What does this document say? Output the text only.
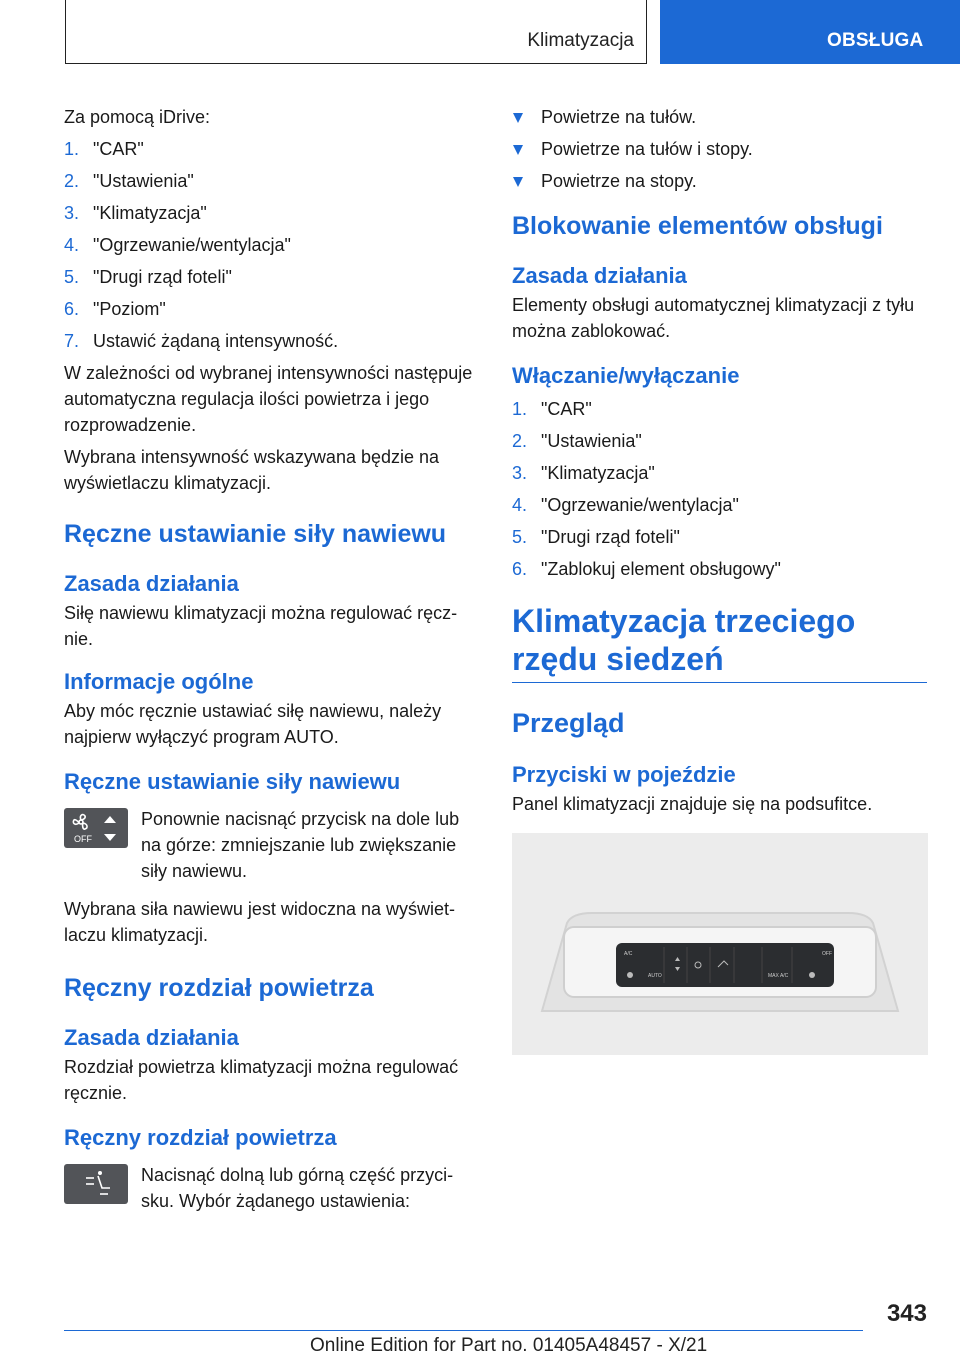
Klimatyzacja	OBSŁUGA

Za pomocą iDrive:

1. "CAR"
2. "Ustawienia"
3. "Klimatyzacja"
4. "Ogrzewanie/wentylacja"
5. "Drugi rząd foteli"
6. "Poziom"
7. Ustawić żądaną intensywność.

W zależności od wybranej intensywności następuje automatyczna regulacja ilości powietrza i jego rozprowadzenie.

Wybrana intensywność wskazywana będzie na wyświetlaczu klimatyzacji.

Ręczne ustawianie siły nawiewu
Zasada działania

Siłę nawiewu klimatyzacji można regulować ręcznie.

Informacje ogólne

Aby móc ręcznie ustawiać siłę nawiewu, należy najpierw wyłączyć program AUTO.

Ręczne ustawianie siły nawiewu
OFF

Ponownie nacisnąć przycisk na dole lub na górze: zmniejszanie lub zwiększanie siły nawiewu.

Wybrana siła nawiewu jest widoczna na wyświetlaczu klimatyzacji.

Ręczny rozdział powietrza
Zasada działania

Rozdział powietrza klimatyzacji można regulować ręcznie.

Ręczny rozdział powietrza

Nacisnąć dolną lub górną część przycisku. Wybór żądanego ustawienia:

Powietrze na tułów.
Powietrze na tułów i stopy.
Powietrze na stopy.
Blokowanie elementów obsługi
Zasada działania

Elementy obsługi automatycznej klimatyzacji z tyłu można zablokować.

Włączanie/wyłączanie
1. "CAR"
2. "Ustawienia"
3. "Klimatyzacja"
4. "Ogrzewanie/wentylacja"
5. "Drugi rząd foteli"
6. "Zablokuj element obsługowy"
Klimatyzacja trzeciego rzędu siedzeń
Przegląd
Przyciski w pojeździe

Panel klimatyzacji znajduje się na podsufitce.

A/C	OFF
AUTO	MAX A/C
343
Online Edition for Part no. 01405A48457 - X/21
